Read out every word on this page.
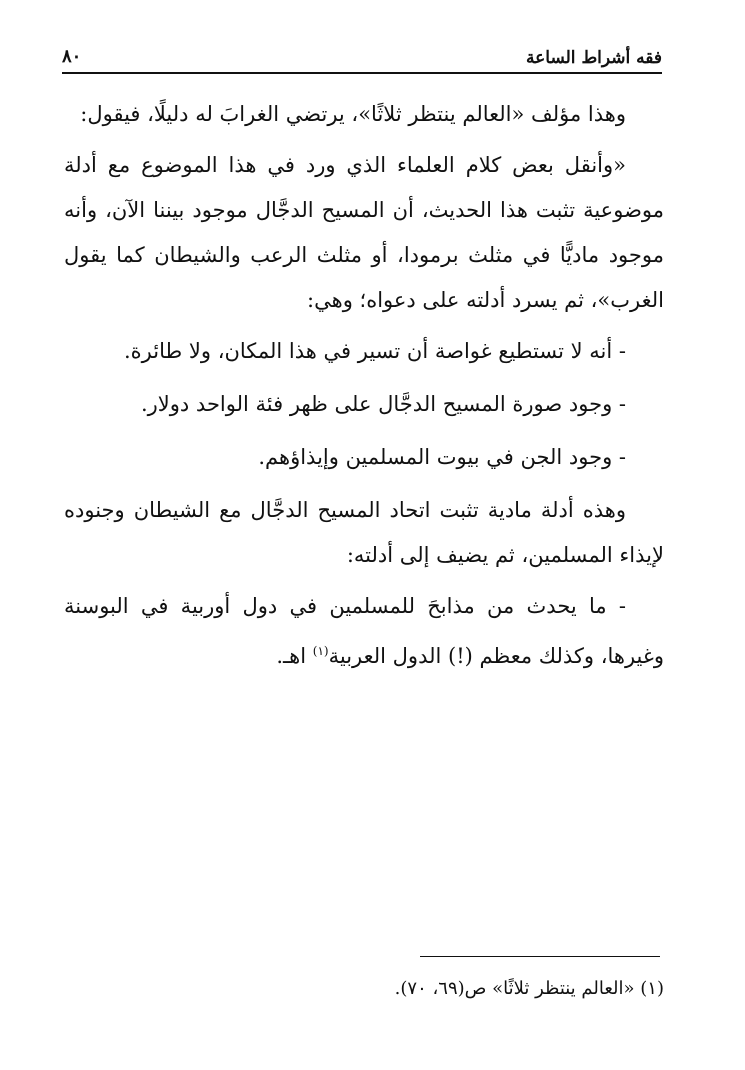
فقه أشراط الساعة
٨٠

وهذا مؤلف «العالم ينتظر ثلاثًا»، يرتضي الغرابَ له دليلًا، فيقول:

«وأنقل بعض كلام العلماء الذي ورد في هذا الموضوع مع أدلة موضوعية تثبت هذا الحديث، أن المسيح الدجَّال موجود بيننا الآن، وأنه موجود ماديًّا في مثلث برمودا، أو مثلث الرعب والشيطان كما يقول الغرب»، ثم يسرد أدلته على دعواه؛ وهي:

- أنه لا تستطيع غواصة أن تسير في هذا المكان، ولا طائرة.

- وجود صورة المسيح الدجَّال على ظهر فئة الواحد دولار.

- وجود الجن في بيوت المسلمين وإيذاؤهم.

وهذه أدلة مادية تثبت اتحاد المسيح الدجَّال مع الشيطان وجنوده لإيذاء المسلمين، ثم يضيف إلى أدلته:

- ما يحدث من مذابحَ للمسلمين في دول أوربية في البوسنة وغيرها، وكذلك معظم (!) الدول العربية$^{(١)}$ اهـ.

(١) «العالم ينتظر ثلاثًا» ص(٦٩، ٧٠).
